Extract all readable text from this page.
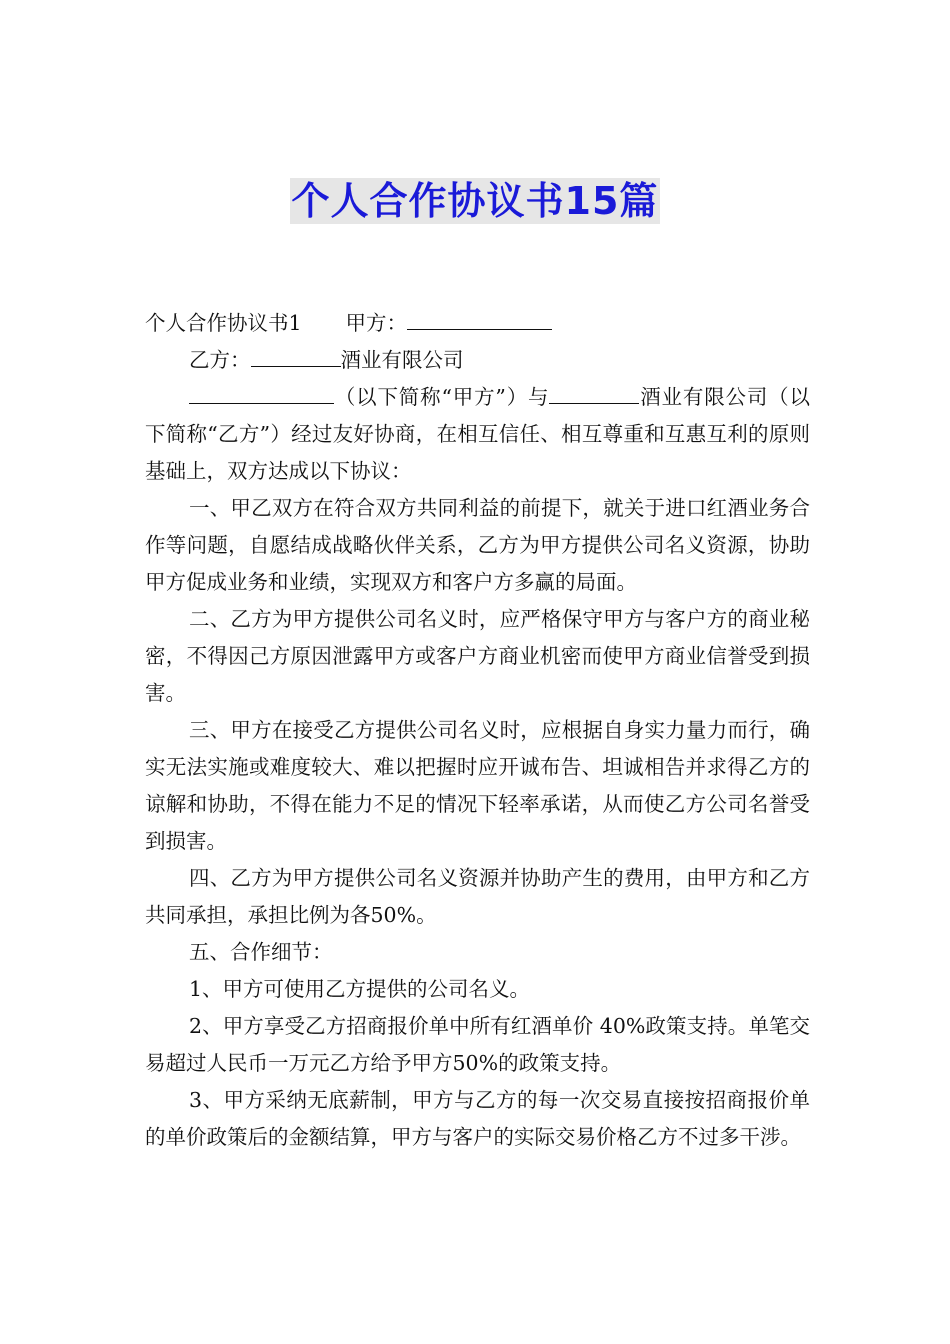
个人合作协议书15篇

个人合作协议书1 甲方：

乙方：	酒业有限公司

（以下简称“甲方”）与	酒业有限公司（以下简称“乙方”）经过友好协商，在相互信任、相互尊重和互惠互利的原则基础上，双方达成以下协议：

一、甲乙双方在符合双方共同利益的前提下，就关于进口红酒业务合作等问题，自愿结成战略伙伴关系，乙方为甲方提供公司名义资源，协助甲方促成业务和业绩，实现双方和客户方多赢的局面。

二、乙方为甲方提供公司名义时，应严格保守甲方与客户方的商业秘密，不得因己方原因泄露甲方或客户方商业机密而使甲方商业信誉受到损害。

三、甲方在接受乙方提供公司名义时，应根据自身实力量力而行，确实无法实施或难度较大、难以把握时应开诚布告、坦诚相告并求得乙方的谅解和协助，不得在能力不足的情况下轻率承诺，从而使乙方公司名誉受到损害。

四、乙方为甲方提供公司名义资源并协助产生的费用，由甲方和乙方共同承担，承担比例为各50%。

五、合作细节：

1、甲方可使用乙方提供的公司名义。

2、甲方享受乙方招商报价单中所有红酒单价 40%政策支持。单笔交易超过人民币一万元乙方给予甲方50%的政策支持。

3、甲方采纳无底薪制，甲方与乙方的每一次交易直接按招商报价单的单价政策后的金额结算，甲方与客户的实际交易价格乙方不过多干涉。
